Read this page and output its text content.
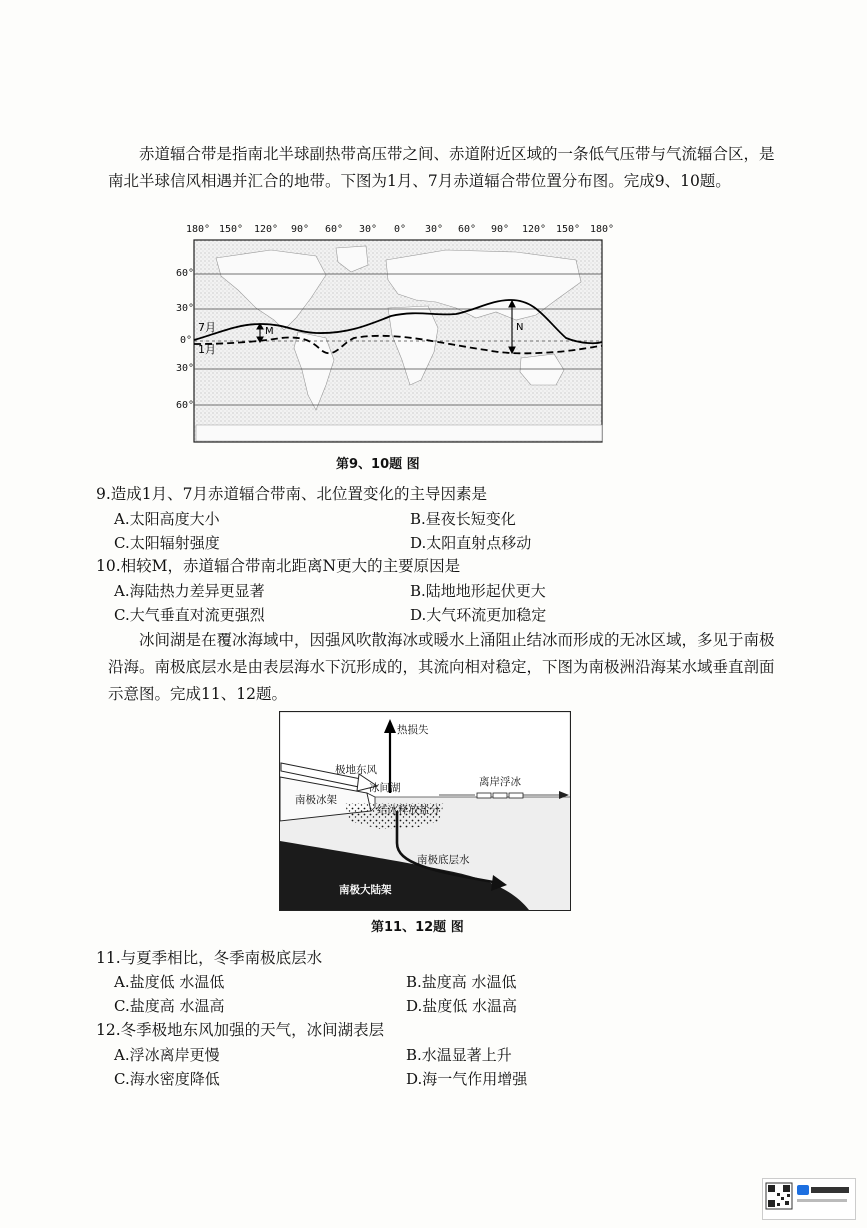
赤道辐合带是指南北半球副热带高压带之间、赤道附近区域的一条低气压带与气流辐合区，是南北半球信风相遇并汇合的地带。下图为1月、7月赤道辐合带位置分布图。完成9、10题。
180° 150° 120° 90° 60° 30° 0° 30° 60° 90° 120° 150° 180°
60°
30°
0°
30°
60°
M	N
7月
1月
第9、10题 图
9.造成1月、7月赤道辐合带南、北位置变化的主导因素是
A.太阳高度大小	B.昼夜长短变化
C.太阳辐射强度	D.太阳直射点移动
10.相较M，赤道辐合带南北距离N更大的主要原因是
A.海陆热力差异更显著	B.陆地地形起伏更大
C.大气垂直对流更强烈	D.大气环流更加稳定
冰间湖是在覆冰海域中，因强风吹散海冰或暖水上涌阻止结冰而形成的无冰区域，多见于南极沿海。南极底层水是由表层海水下沉形成的，其流向相对稳定，下图为南极洲沿海某水域垂直剖面示意图。完成11、12题。
热损失
极地东风
南极冰架
冰间湖	离岸浮冰
结冰释放盐分
南极底层水
南极大陆架
第11、12题 图
11.与夏季相比，冬季南极底层水
A.盐度低 水温低	B.盐度高 水温低
C.盐度高 水温高	D.盐度低 水温高
12.冬季极地东风加强的天气，冰间湖表层
A.浮冰离岸更慢	B.水温显著上升
C.海水密度降低	D.海一气作用增强
